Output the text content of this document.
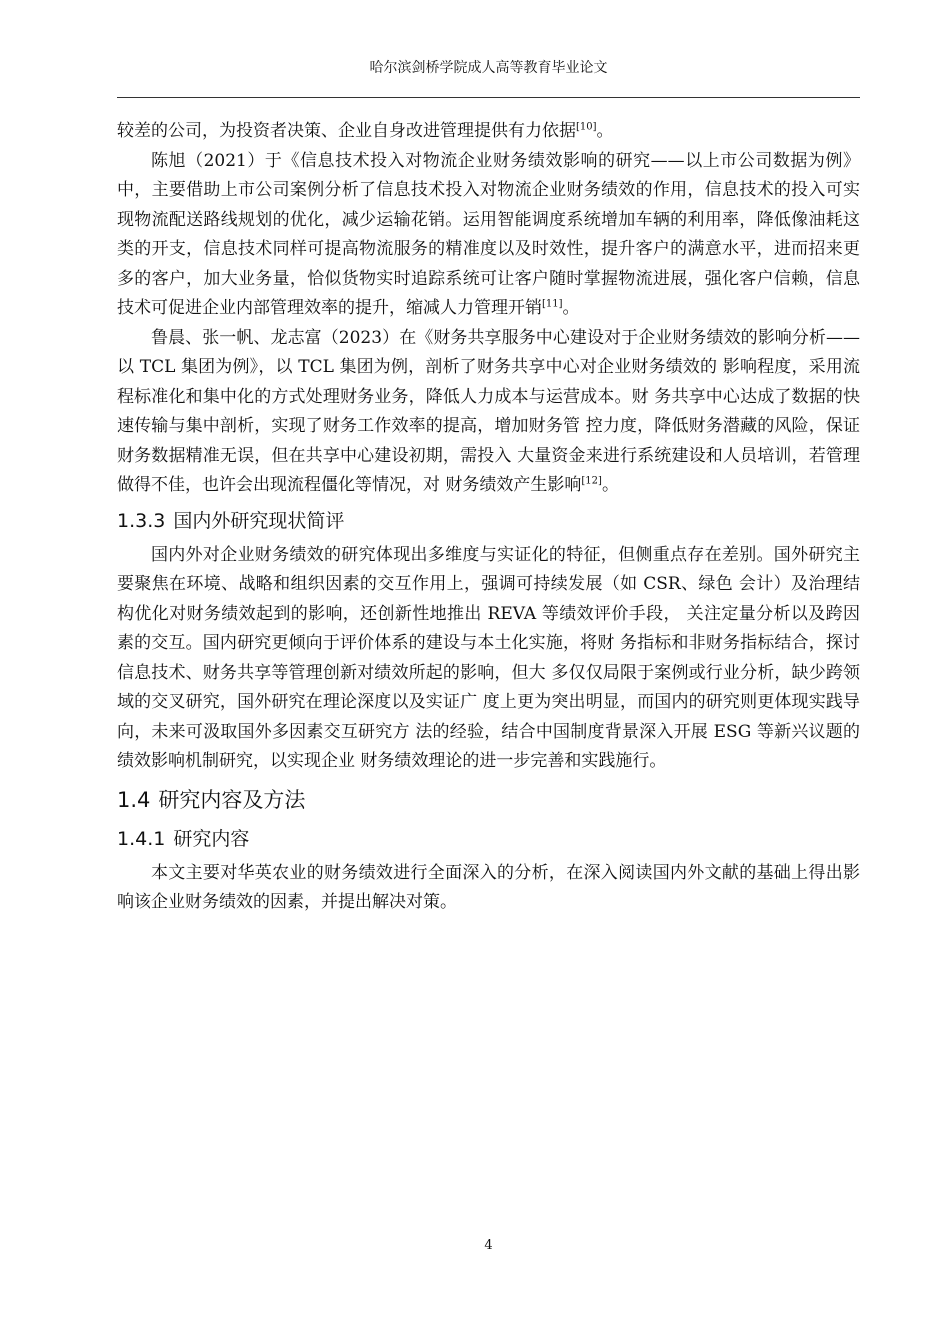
哈尔滨剑桥学院成人高等教育毕业论文

较差的公司，为投资者决策、企业自身改进管理提供有力依据[10]。

陈旭（2021）于《信息技术投入对物流企业财务绩效影响的研究——以上市公司数据为例》中，主要借助上市公司案例分析了信息技术投入对物流企业财务绩效的作用，信息技术的投入可实现物流配送路线规划的优化，减少运输花销。运用智能调度系统增加车辆的利用率，降低像油耗这类的开支，信息技术同样可提高物流服务的精准度以及时效性，提升客户的满意水平，进而招来更多的客户，加大业务量，恰似货物实时追踪系统可让客户随时掌握物流进展，强化客户信赖，信息技术可促进企业内部管理效率的提升，缩减人力管理开销[11]。

鲁晨、张一帆、龙志富（2023）在《财务共享服务中心建设对于企业财务绩效的影响分析——以 TCL 集团为例》，以 TCL 集团为例，剖析了财务共享中心对企业财务绩效的 影响程度，采用流程标准化和集中化的方式处理财务业务，降低人力成本与运营成本。财 务共享中心达成了数据的快速传输与集中剖析，实现了财务工作效率的提高，增加财务管 控力度，降低财务潜藏的风险，保证财务数据精准无误，但在共享中心建设初期，需投入 大量资金来进行系统建设和人员培训，若管理做得不佳，也许会出现流程僵化等情况，对 财务绩效产生影响[12]。

1.3.3 国内外研究现状简评

国内外对企业财务绩效的研究体现出多维度与实证化的特征，但侧重点存在差别。国外研究主要聚焦在环境、战略和组织因素的交互作用上，强调可持续发展（如 CSR、绿色 会计）及治理结构优化对财务绩效起到的影响，还创新性地推出 REVA 等绩效评价手段， 关注定量分析以及跨因素的交互。国内研究更倾向于评价体系的建设与本土化实施，将财 务指标和非财务指标结合，探讨信息技术、财务共享等管理创新对绩效所起的影响，但大 多仅仅局限于案例或行业分析，缺少跨领域的交叉研究，国外研究在理论深度以及实证广 度上更为突出明显，而国内的研究则更体现实践导向，未来可汲取国外多因素交互研究方 法的经验，结合中国制度背景深入开展 ESG 等新兴议题的绩效影响机制研究，以实现企业 财务绩效理论的进一步完善和实践施行。

1.4 研究内容及方法
1.4.1 研究内容

本文主要对华英农业的财务绩效进行全面深入的分析，在深入阅读国内外文献的基础上得出影响该企业财务绩效的因素，并提出解决对策。

4
